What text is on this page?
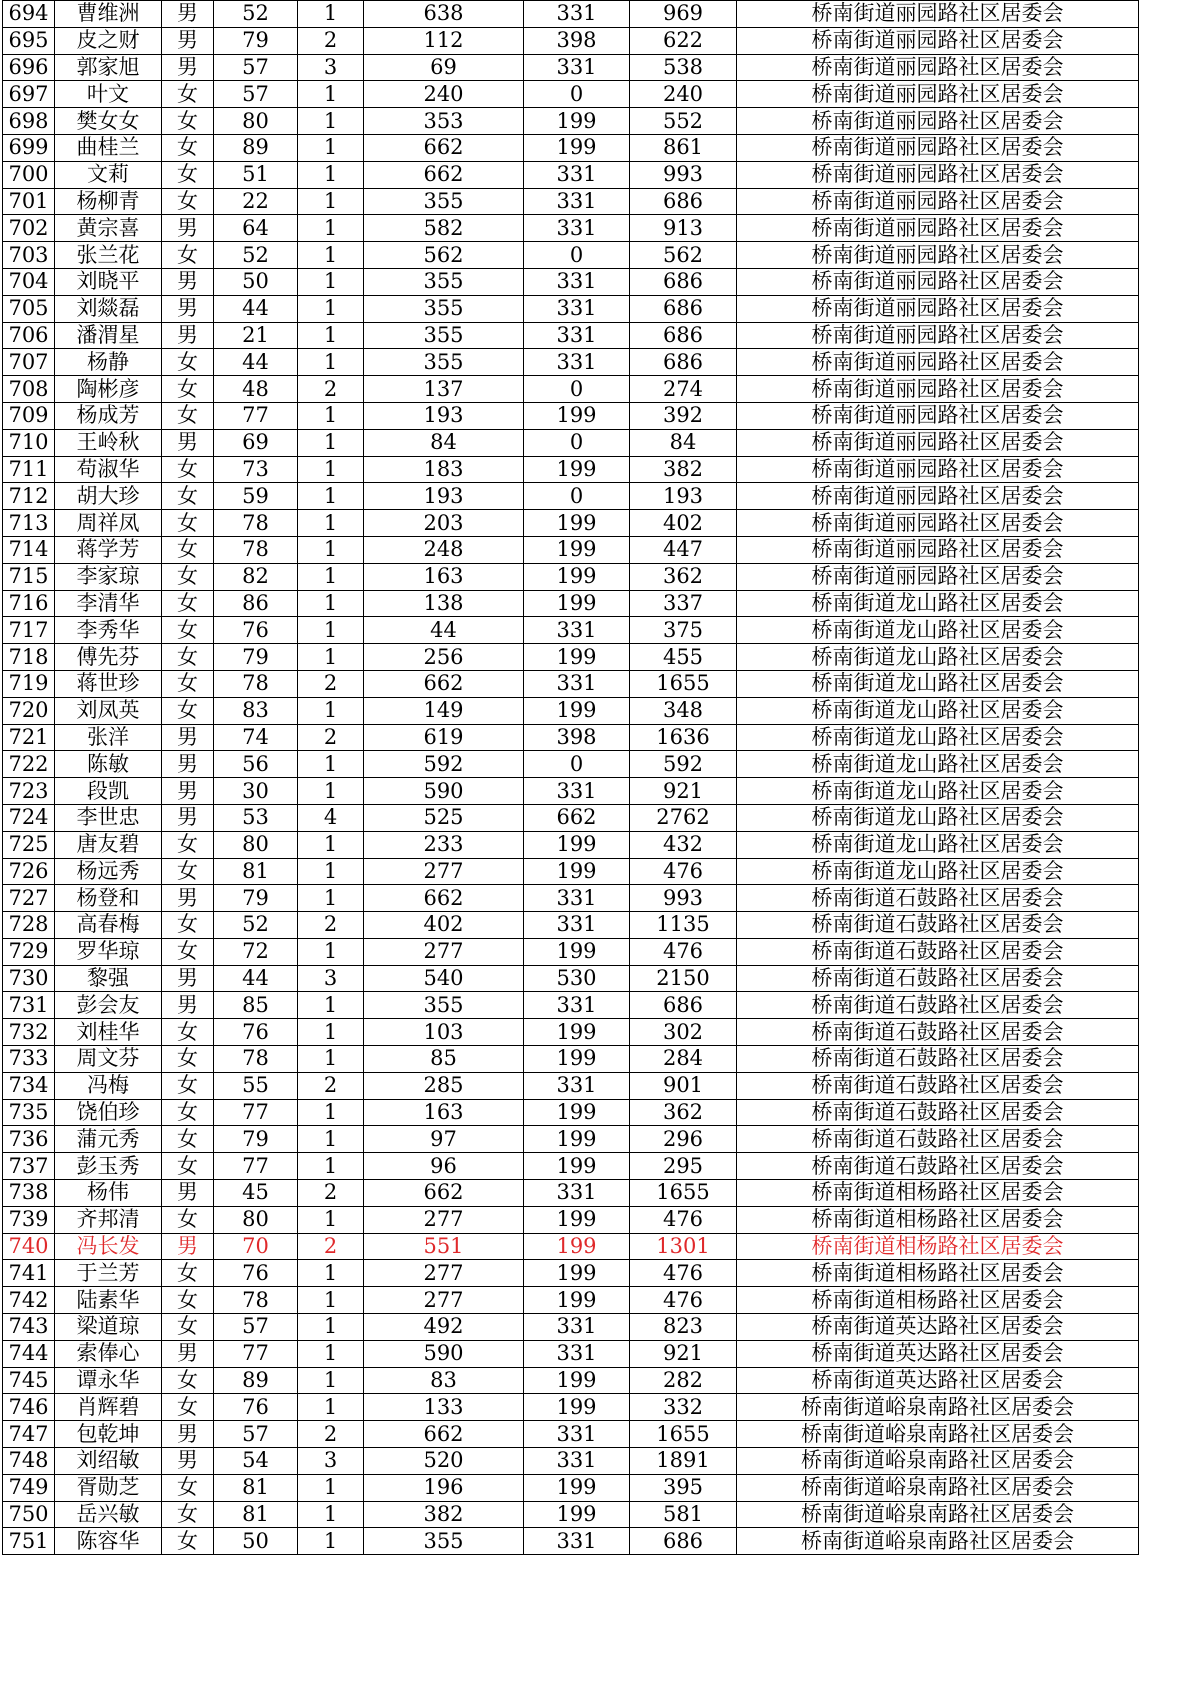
694	曹维洲	男	52	1	638	331	969	桥南街道丽园路社区居委会
695	皮之财	男	79	2	112	398	622	桥南街道丽园路社区居委会
696	郭家旭	男	57	3	69	331	538	桥南街道丽园路社区居委会
697	叶文	女	57	1	240	0	240	桥南街道丽园路社区居委会
698	樊女女	女	80	1	353	199	552	桥南街道丽园路社区居委会
699	曲桂兰	女	89	1	662	199	861	桥南街道丽园路社区居委会
700	文莉	女	51	1	662	331	993	桥南街道丽园路社区居委会
701	杨柳青	女	22	1	355	331	686	桥南街道丽园路社区居委会
702	黄宗喜	男	64	1	582	331	913	桥南街道丽园路社区居委会
703	张兰花	女	52	1	562	0	562	桥南街道丽园路社区居委会
704	刘晓平	男	50	1	355	331	686	桥南街道丽园路社区居委会
705	刘燚磊	男	44	1	355	331	686	桥南街道丽园路社区居委会
706	潘渭星	男	21	1	355	331	686	桥南街道丽园路社区居委会
707	杨静	女	44	1	355	331	686	桥南街道丽园路社区居委会
708	陶彬彦	女	48	2	137	0	274	桥南街道丽园路社区居委会
709	杨成芳	女	77	1	193	199	392	桥南街道丽园路社区居委会
710	王岭秋	男	69	1	84	0	84	桥南街道丽园路社区居委会
711	苟淑华	女	73	1	183	199	382	桥南街道丽园路社区居委会
712	胡大珍	女	59	1	193	0	193	桥南街道丽园路社区居委会
713	周祥凤	女	78	1	203	199	402	桥南街道丽园路社区居委会
714	蒋学芳	女	78	1	248	199	447	桥南街道丽园路社区居委会
715	李家琼	女	82	1	163	199	362	桥南街道丽园路社区居委会
716	李清华	女	86	1	138	199	337	桥南街道龙山路社区居委会
717	李秀华	女	76	1	44	331	375	桥南街道龙山路社区居委会
718	傅先芬	女	79	1	256	199	455	桥南街道龙山路社区居委会
719	蒋世珍	女	78	2	662	331	1655	桥南街道龙山路社区居委会
720	刘凤英	女	83	1	149	199	348	桥南街道龙山路社区居委会
721	张洋	男	74	2	619	398	1636	桥南街道龙山路社区居委会
722	陈敏	男	56	1	592	0	592	桥南街道龙山路社区居委会
723	段凯	男	30	1	590	331	921	桥南街道龙山路社区居委会
724	李世忠	男	53	4	525	662	2762	桥南街道龙山路社区居委会
725	唐友碧	女	80	1	233	199	432	桥南街道龙山路社区居委会
726	杨远秀	女	81	1	277	199	476	桥南街道龙山路社区居委会
727	杨登和	男	79	1	662	331	993	桥南街道石鼓路社区居委会
728	高春梅	女	52	2	402	331	1135	桥南街道石鼓路社区居委会
729	罗华琼	女	72	1	277	199	476	桥南街道石鼓路社区居委会
730	黎强	男	44	3	540	530	2150	桥南街道石鼓路社区居委会
731	彭会友	男	85	1	355	331	686	桥南街道石鼓路社区居委会
732	刘桂华	女	76	1	103	199	302	桥南街道石鼓路社区居委会
733	周文芬	女	78	1	85	199	284	桥南街道石鼓路社区居委会
734	冯梅	女	55	2	285	331	901	桥南街道石鼓路社区居委会
735	饶伯珍	女	77	1	163	199	362	桥南街道石鼓路社区居委会
736	蒲元秀	女	79	1	97	199	296	桥南街道石鼓路社区居委会
737	彭玉秀	女	77	1	96	199	295	桥南街道石鼓路社区居委会
738	杨伟	男	45	2	662	331	1655	桥南街道相杨路社区居委会
739	齐邦清	女	80	1	277	199	476	桥南街道相杨路社区居委会
740	冯长发	男	70	2	551	199	1301	桥南街道相杨路社区居委会
741	于兰芳	女	76	1	277	199	476	桥南街道相杨路社区居委会
742	陆素华	女	78	1	277	199	476	桥南街道相杨路社区居委会
743	梁道琼	女	57	1	492	331	823	桥南街道英达路社区居委会
744	索俸心	男	77	1	590	331	921	桥南街道英达路社区居委会
745	谭永华	女	89	1	83	199	282	桥南街道英达路社区居委会
746	肖辉碧	女	76	1	133	199	332	桥南街道峪泉南路社区居委会
747	包乾坤	男	57	2	662	331	1655	桥南街道峪泉南路社区居委会
748	刘绍敏	男	54	3	520	331	1891	桥南街道峪泉南路社区居委会
749	胥勋芝	女	81	1	196	199	395	桥南街道峪泉南路社区居委会
750	岳兴敏	女	81	1	382	199	581	桥南街道峪泉南路社区居委会
751	陈容华	女	50	1	355	331	686	桥南街道峪泉南路社区居委会
